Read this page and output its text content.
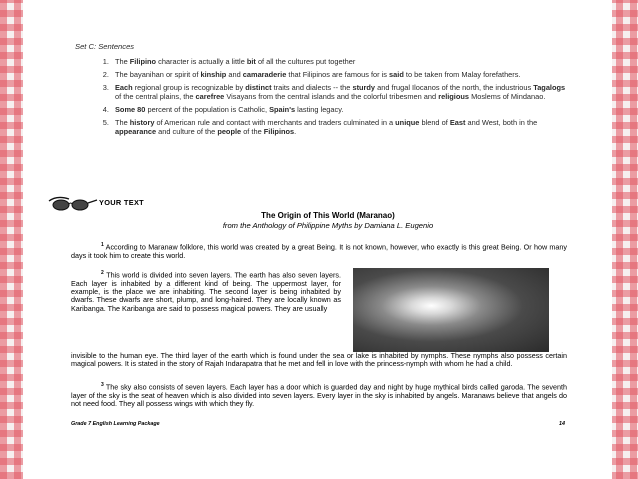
Set C: Sentences
1. The Filipino character is actually a little bit of all the cultures put together
2. The bayanihan or spirit of kinship and camaraderie that Filipinos are famous for is said to be taken from Malay forefathers.
3. Each regional group is recognizable by distinct traits and dialects -- the sturdy and frugal Ilocanos of the north, the industrious Tagalogs of the central plains, the carefree Visayans from the central islands and the colorful tribesmen and religious Moslems of Mindanao.
4. Some 80 percent of the population is Catholic, Spain's lasting legacy.
5. The history of American rule and contact with merchants and traders culminated in a unique blend of East and West, both in the appearance and culture of the people of the Filipinos.
YOUR TEXT
The Origin of This World (Maranao)
from the Anthology of Philippine Myths by Damiana L. Eugenio
$^1$ According to Maranaw folklore, this world was created by a great Being. It is not known, however, who exactly is this great Being. Or how many days it took him to create this world.
$^2$ This world is divided into seven layers. The earth has also seven layers. Each layer is inhabited by a different kind of being. The uppermost layer, for example, is the place we are inhabiting. The second layer is being inhabited by dwarfs. These dwarfs are short, plump, and long-haired. They are locally known as Karibanga. The Karibanga are said to possess magical powers. They are usually
invisible to the human eye. The third layer of the earth which is found under the sea or lake is inhabited by nymphs. These nymphs also possess certain magical powers. It is stated in the story of Rajah Indarapatra that he met and fell in love with the princess-nymph with whom he had a child.
$^3$ The sky also consists of seven layers. Each layer has a door which is guarded day and night by huge mythical birds called garoda. The seventh layer of the sky is the seat of heaven which is also divided into seven layers. Every layer in the sky is inhabited by angels. Maranaws believe that angels do not need food. They all possess wings with which they fly.
Grade 7 English Learning Package	14
